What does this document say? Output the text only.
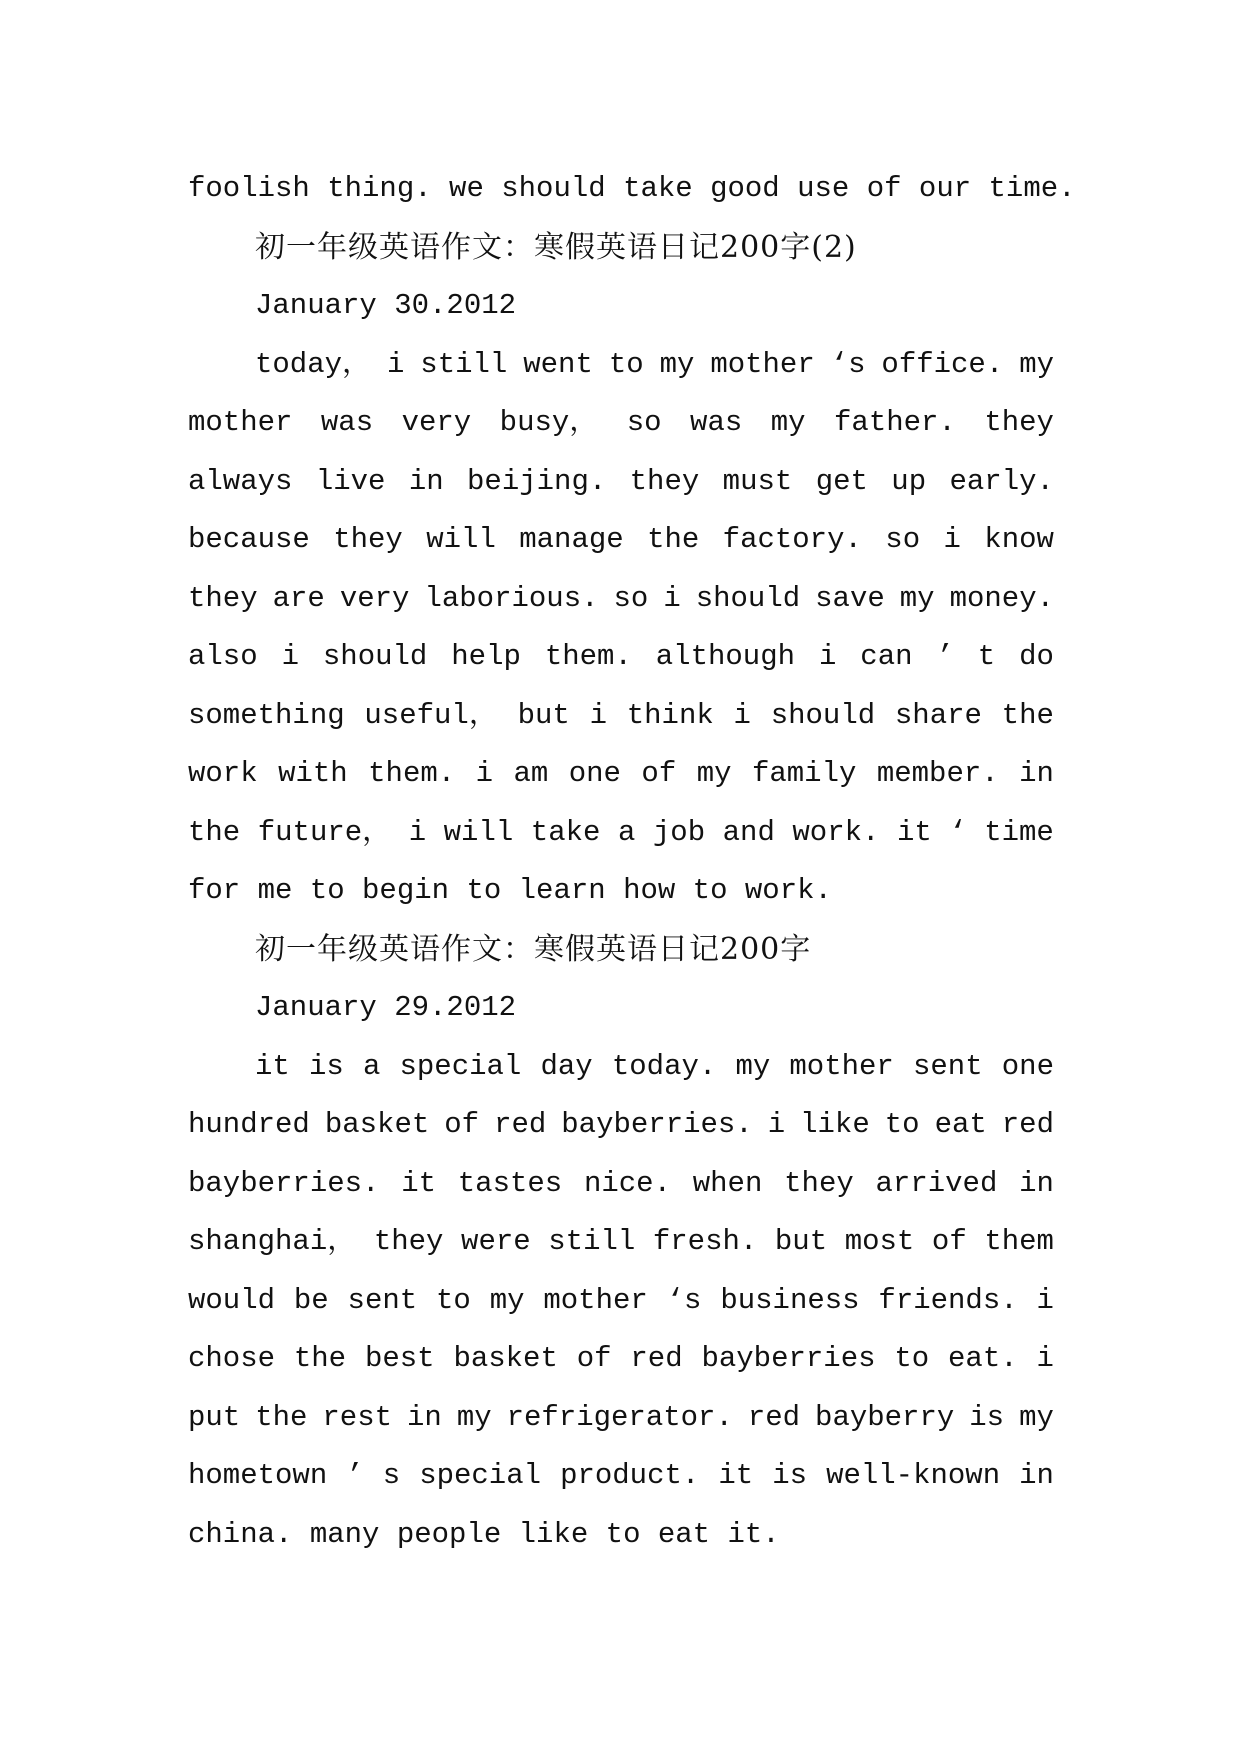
foolish thing. we should take good use of our time.
初一年级英语作文：寒假英语日记200字(2)
January 30.2012
today， i still went to my mother ‘s office. my
mother was very busy， so was my father. they
always live in beijing. they must get up early.
because they will manage the factory. so i know
they are very laborious. so i should save my money.
also i should help them. although i can ’ t do
something useful， but i think i should share the
work with them. i am one of my family member. in
the future， i will take a job and work. it ‘ time
for me to begin to learn how to work.
初一年级英语作文：寒假英语日记200字
January 29.2012
it is a special day today. my mother sent one
hundred basket of red bayberries. i like to eat red
bayberries. it tastes nice. when they arrived in
shanghai， they were still fresh. but most of them
would be sent to my mother ‘s business friends. i
chose the best basket of red bayberries to eat. i
put the rest in my refrigerator. red bayberry is my
hometown ’ s special product. it is well-known in
china. many people like to eat it.
